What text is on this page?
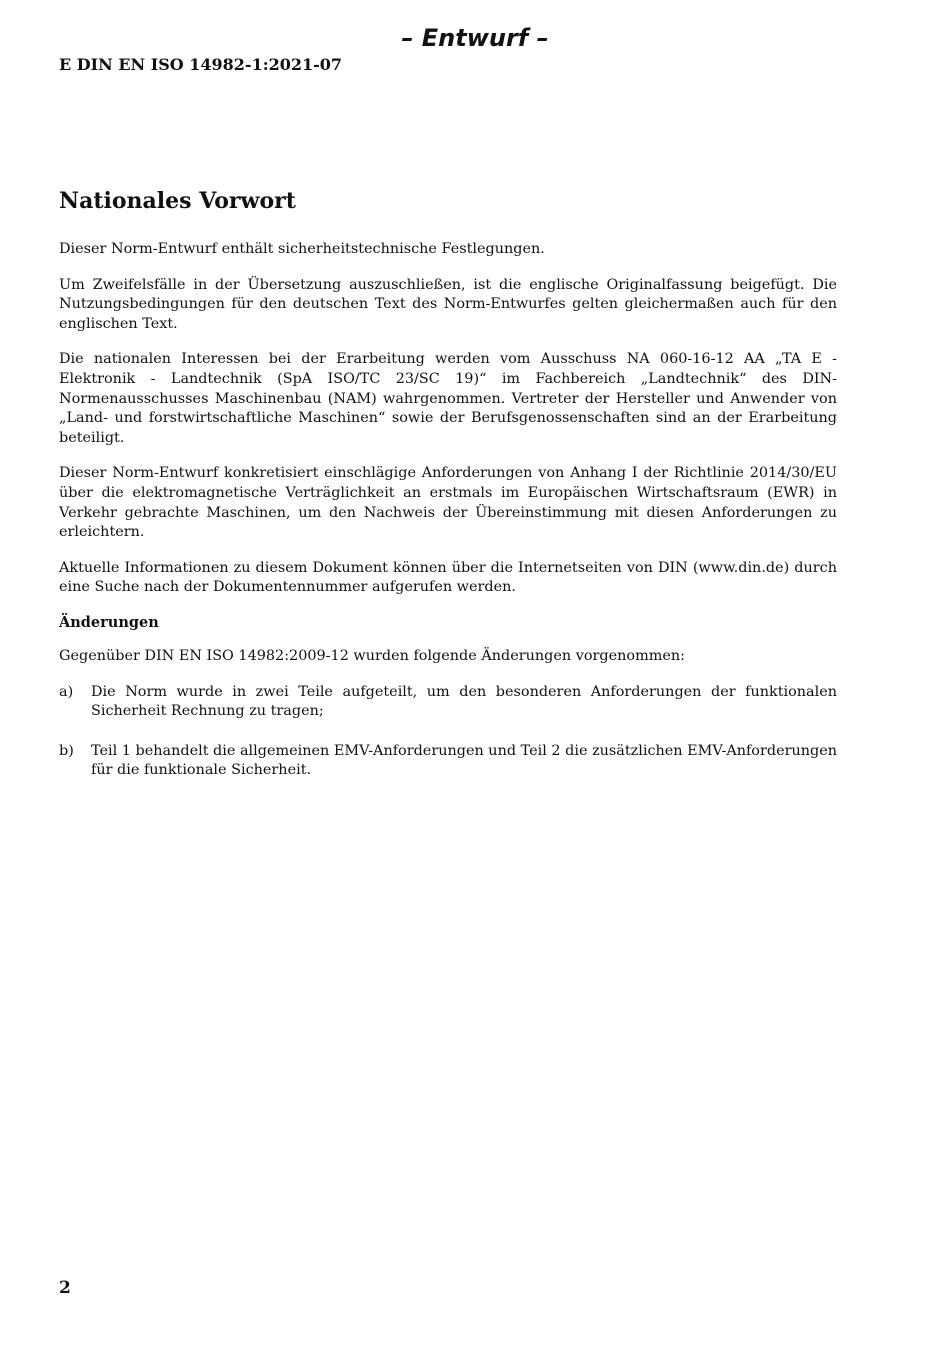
– Entwurf –
E DIN EN ISO 14982-1:2021-07
Nationales Vorwort

Dieser Norm-Entwurf enthält sicherheitstechnische Festlegungen.

Um Zweifelsfälle in der Übersetzung auszuschließen, ist die englische Originalfassung beigefügt. Die Nutzungsbedingungen für den deutschen Text des Norm-Entwurfes gelten gleichermaßen auch für den englischen Text.

Die nationalen Interessen bei der Erarbeitung werden vom Ausschuss NA 060-16-12 AA „TA E - Elektronik - Landtechnik (SpA ISO/TC 23/SC 19)“ im Fachbereich „Landtechnik“ des DIN-Normenausschusses Maschinenbau (NAM) wahrgenommen. Vertreter der Hersteller und Anwender von „Land- und forstwirtschaftliche Maschinen“ sowie der Berufsgenossenschaften sind an der Erarbeitung beteiligt.

Dieser Norm-Entwurf konkretisiert einschlägige Anforderungen von Anhang I der Richtlinie 2014/30/EU über die elektromagnetische Verträglichkeit an erstmals im Europäischen Wirtschaftsraum (EWR) in Verkehr gebrachte Maschinen, um den Nachweis der Übereinstimmung mit diesen Anforderungen zu erleichtern.

Aktuelle Informationen zu diesem Dokument können über die Internetseiten von DIN (www.din.de) durch eine Suche nach der Dokumentennummer aufgerufen werden.

Änderungen

Gegenüber DIN EN ISO 14982:2009-12 wurden folgende Änderungen vorgenommen:

a)	Die Norm wurde in zwei Teile aufgeteilt, um den besonderen Anforderungen der funktionalen Sicherheit Rechnung zu tragen;
b)	Teil 1 behandelt die allgemeinen EMV-Anforderungen und Teil 2 die zusätzlichen EMV-Anforderungen für die funktionale Sicherheit.
2
